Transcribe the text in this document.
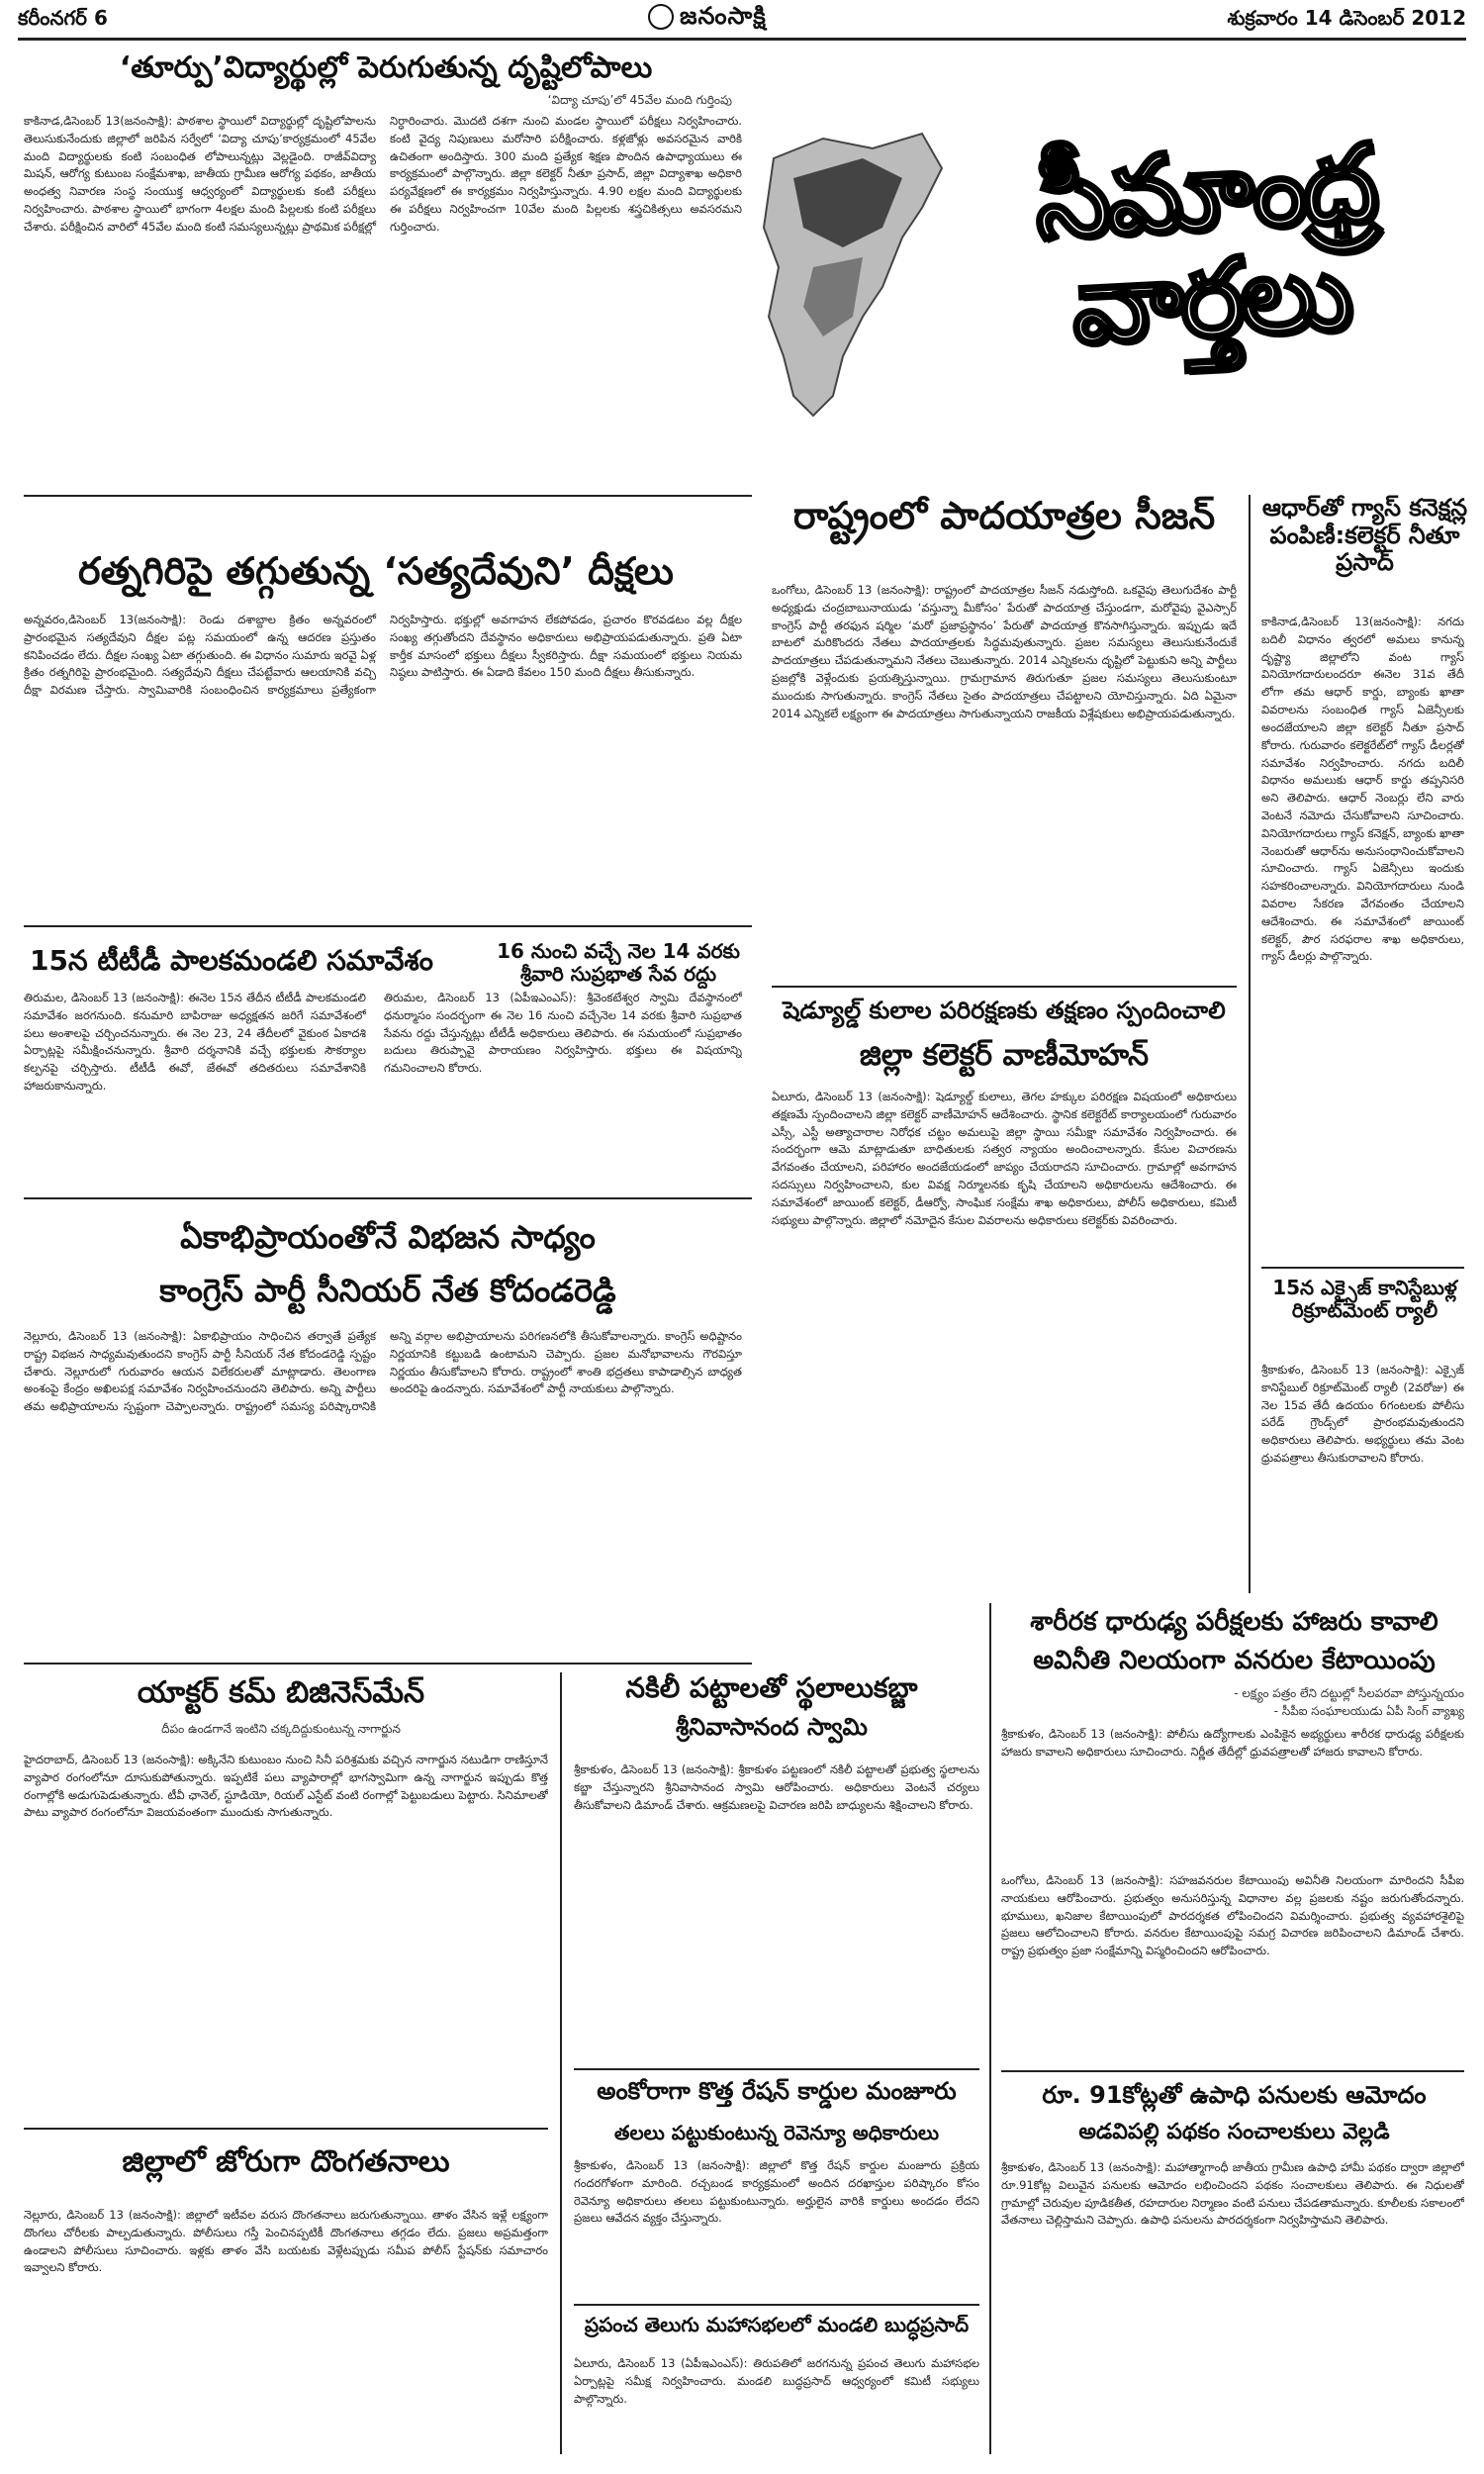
కరీంనగర్ 6	జనంసాక్షి	శుక్రవారం 14 డిసెంబర్ 2012
‘తూర్పు’విద్యార్థుల్లో పెరుగుతున్న దృష్టిలోపాలు
‘విద్యా చూపు’లో 45వేల మంది గుర్తింపు
కాకినాడ,డిసెంబర్ 13(జనంసాక్షి): పాఠశాల స్థాయిలో విద్యార్థుల్లో దృష్టిలోపాలను తెలుసుకునేందుకు జిల్లాలో జరిపిన సర్వేలో ‘విద్యా చూపు’కార్యక్రమంలో 45వేల మంది విద్యార్థులకు కంటి సంబంధిత లోపాలున్నట్లు వెల్లడైంది. రాజీవ్‌విద్యా మిషన్‌, ఆరోగ్య కుటుంబ సంక్షేమశాఖ, జాతీయ గ్రామీణ ఆరోగ్య పథకం, జాతీయ అంధత్వ నివారణ సంస్థ సంయుక్త ఆధ్వర్యంలో విద్యార్థులకు కంటి పరీక్షలు నిర్వహించారు. పాఠశాల స్థాయిలో భాగంగా 4లక్షల మంది పిల్లలకు కంటి పరీక్షలు చేశారు. పరీక్షించిన వారిలో 45వేల మంది కంటి సమస్యలున్నట్లు ప్రాథమిక పరీక్షల్లో నిర్ధారించారు. మొదటి దశగా నుంచి మండల స్థాయిలో పరీక్షలు నిర్వహించారు. కంటి వైద్య నిపుణులు మరోసారి పరీక్షించారు. కళ్లజోళ్లు అవసరమైన వారికి ఉచితంగా అందిస్తారు. 300 మంది ప్రత్యేక శిక్షణ పొందిన ఉపాధ్యాయులు ఈ కార్యక్రమంలో పాల్గొన్నారు. జిల్లా కలెక్టర్‌ నీతూ ప్రసాద్‌, జిల్లా విద్యాశాఖ అధికారి పర్యవేక్షణలో ఈ కార్యక్రమం నిర్వహిస్తున్నారు. 4.90 లక్షల మంది విద్యార్థులకు ఈ పరీక్షలు నిర్వహించగా 10వేల మంది పిల్లలకు శస్త్రచికిత్సలు అవసరమని గుర్తించారు.	సీమాంధ్ర వార్తలు
రత్నగిరిపై తగ్గుతున్న ‘సత్యదేవుని’ దీక్షలు
అన్నవరం,డిసెంబర్ 13(జనంసాక్షి): రెండు దశాబ్దాల క్రితం అన్నవరంలో ప్రారంభమైన సత్యదేవుని దీక్షల పట్ల సమయంలో ఉన్న ఆదరణ ప్రస్తుతం కనిపించడం లేదు. దీక్షల సంఖ్య ఏటా తగ్గుతుంది. ఈ విధానం సుమారు ఇరవై ఏళ్ల క్రితం రత్నగిరిపై ప్రారంభమైంది. సత్యదేవుని దీక్షలు చేపట్టేవారు ఆలయానికి వచ్చి దీక్షా విరమణ చేస్తారు. స్వామివారికి సంబంధించిన కార్యక్రమాలు ప్రత్యేకంగా నిర్వహిస్తారు. భక్తుల్లో అవగాహన లేకపోవడం, ప్రచారం కొరవడటం వల్ల దీక్షల సంఖ్య తగ్గుతోందని దేవస్థానం అధికారులు అభిప్రాయపడుతున్నారు. ప్రతి ఏటా కార్తీక మాసంలో భక్తులు దీక్షలు స్వీకరిస్తారు. దీక్షా సమయంలో భక్తులు నియమ నిష్ఠలు పాటిస్తారు. ఈ ఏడాది కేవలం 150 మంది దీక్షలు తీసుకున్నారు.
15న టీటీడీ పాలకమండలి సమావేశం
తిరుమల, డిసెంబర్ 13 (జనంసాక్షి): ఈనెల 15న తేదీన టీటీడీ పాలకమండలి సమావేశం జరగనుంది. కనుమారి బాపిరాజు అధ్యక్షతన జరిగే సమావేశంలో పలు అంశాలపై చర్చించనున్నారు. ఈ నెల 23, 24 తేదీలలో వైకుంఠ ఏకాదశి ఏర్పాట్లపై సమీక్షించనున్నారు. శ్రీవారి దర్శనానికి వచ్చే భక్తులకు సౌకర్యాల కల్పనపై చర్చిస్తారు. టీటీడీ ఈవో, జేఈవో తదితరులు సమావేశానికి హాజరుకానున్నారు.
16 నుంచి వచ్చే నెల 14 వరకు శ్రీవారి సుప్రభాత సేవ రద్దు
తిరుమల, డిసెంబర్ 13 (ఏపీఇఎంఎస్‌): శ్రీవెంకటేశ్వర స్వామి దేవస్థానంలో ధనుర్మాసం సందర్భంగా ఈ నెల 16 నుంచి వచ్చేనెల 14 వరకు శ్రీవారి సుప్రభాత సేవను రద్దు చేస్తున్నట్లు టీటీడీ అధికారులు తెలిపారు. ఈ సమయంలో సుప్రభాతం బదులు తిరుప్పావై పారాయణం నిర్వహిస్తారు. భక్తులు ఈ విషయాన్ని గమనించాలని కోరారు.
రాష్ట్రంలో పాదయాత్రల సీజన్‌
ఒంగోలు, డిసెంబర్‌ 13 (జనంసాక్షి): రాష్ట్రంలో పాదయాత్రల సీజన్‌ నడుస్తోంది. ఒకవైపు తెలుగుదేశం పార్టీ అధ్యక్షుడు చంద్రబాబునాయుడు ‘వస్తున్నా మీకోసం’ పేరుతో పాదయాత్ర చేస్తుండగా, మరోవైపు వైఎస్సార్‌ కాంగ్రెస్‌ పార్టీ తరఫున షర్మిల ‘మరో ప్రజాప్రస్థానం’ పేరుతో పాదయాత్ర కొనసాగిస్తున్నారు. ఇప్పుడు ఇదే బాటలో మరికొందరు నేతలు పాదయాత్రలకు సిద్ధమవుతున్నారు. ప్రజల సమస్యలు తెలుసుకునేందుకే పాదయాత్రలు చేపడుతున్నామని నేతలు చెబుతున్నారు. 2014 ఎన్నికలను దృష్టిలో పెట్టుకుని అన్ని పార్టీలు ప్రజల్లోకి వెళ్లేందుకు ప్రయత్నిస్తున్నాయి. గ్రామగ్రామాన తిరుగుతూ ప్రజల సమస్యలు తెలుసుకుంటూ ముందుకు సాగుతున్నారు. కాంగ్రెస్‌ నేతలు సైతం పాదయాత్రలు చేపట్టాలని యోచిస్తున్నారు. ఏది ఏమైనా 2014 ఎన్నికలే లక్ష్యంగా ఈ పాదయాత్రలు సాగుతున్నాయని రాజకీయ విశ్లేషకులు అభిప్రాయపడుతున్నారు.
షెడ్యూల్డ్‌ కులాల పరిరక్షణకు తక్షణం స్పందించాలి
జిల్లా కలెక్టర్‌ వాణీమోహన్‌
ఏలూరు, డిసెంబర్‌ 13 (జనంసాక్షి): షెడ్యూల్డ్‌ కులాలు, తెగల హక్కుల పరిరక్షణ విషయంలో అధికారులు తక్షణమే స్పందించాలని జిల్లా కలెక్టర్‌ వాణీమోహన్‌ ఆదేశించారు. స్థానిక కలెక్టరేట్‌ కార్యాలయంలో గురువారం ఎస్సీ, ఎస్టీ అత్యాచారాల నిరోధక చట్టం అమలుపై జిల్లా స్థాయి సమీక్షా సమావేశం నిర్వహించారు. ఈ సందర్భంగా ఆమె మాట్లాడుతూ బాధితులకు సత్వర న్యాయం అందించాలన్నారు. కేసుల విచారణను వేగవంతం చేయాలని, పరిహారం అందజేయడంలో జాప్యం చేయరాదని సూచించారు. గ్రామాల్లో అవగాహన సదస్సులు నిర్వహించాలని, కుల వివక్ష నిర్మూలనకు కృషి చేయాలని అధికారులను ఆదేశించారు. ఈ సమావేశంలో జాయింట్‌ కలెక్టర్‌, డీఆర్వో, సాంఘిక సంక్షేమ శాఖ అధికారులు, పోలీస్‌ అధికారులు, కమిటీ సభ్యులు పాల్గొన్నారు. జిల్లాలో నమోదైన కేసుల వివరాలను అధికారులు కలెక్టర్‌కు వివరించారు.
ఆధార్‌తో గ్యాస్‌ కనెక్షన్ల పంపిణీ:కలెక్టర్‌ నీతూ ప్రసాద్‌
కాకినాడ,డిసెంబర్‌ 13(జనంసాక్షి): నగదు బదిలీ విధానం త్వరలో అమలు కానున్న దృష్ట్యా జిల్లాలోని వంట గ్యాస్‌ వినియోగదారులందరూ ఈనెల 31వ తేదీ లోగా తమ ఆధార్‌ కార్డు, బ్యాంకు ఖాతా వివరాలను సంబంధిత గ్యాస్‌ ఏజెన్సీలకు అందజేయాలని జిల్లా కలెక్టర్‌ నీతూ ప్రసాద్‌ కోరారు. గురువారం కలెక్టరేట్‌లో గ్యాస్‌ డీలర్లతో సమావేశం నిర్వహించారు. నగదు బదిలీ విధానం అమలుకు ఆధార్‌ కార్డు తప్పనిసరి అని తెలిపారు. ఆధార్‌ నెంబర్లు లేని వారు వెంటనే నమోదు చేసుకోవాలని సూచించారు. వినియోగదారులు గ్యాస్‌ కనెక్షన్‌, బ్యాంకు ఖాతా నెంబరుతో ఆధార్‌ను అనుసంధానించుకోవాలని సూచించారు. గ్యాస్‌ ఏజెన్సీలు ఇందుకు సహకరించాలన్నారు. వినియోగదారులు నుండి వివరాల సేకరణ వేగవంతం చేయాలని ఆదేశించారు. ఈ సమావేశంలో జాయింట్‌ కలెక్టర్‌, పౌర సరఫరాల శాఖ అధికారులు, గ్యాస్‌ డీలర్లు పాల్గొన్నారు.
15న ఎక్సైజ్‌ కానిస్టేబుళ్ల రిక్రూట్‌మెంట్‌ ర్యాలీ
శ్రీకాకుళం, డిసెంబర్‌ 13 (జనంసాక్షి): ఎక్సైజ్‌ కానిస్టేబుల్‌ రిక్రూట్‌మెంట్‌ ర్యాలీ (2వరోజు) ఈ నెల 15వ తేదీ ఉదయం 6గంటలకు పోలీసు పరేడ్‌ గ్రౌండ్స్‌లో ప్రారంభమవుతుందని అధికారులు తెలిపారు. అభ్యర్థులు తమ వెంట ధ్రువపత్రాలు తీసుకురావాలని కోరారు.
ఏకాభిప్రాయంతోనే విభజన సాధ్యం
కాంగ్రెస్‌ పార్టీ సీనియర్‌ నేత కోదండరెడ్డి
నెల్లూరు, డిసెంబర్‌ 13 (జనంసాక్షి): ఏకాభిప్రాయం సాధించిన తర్వాతే ప్రత్యేక రాష్ట్ర విభజన సాధ్యమవుతుందని కాంగ్రెస్‌ పార్టీ సీనియర్‌ నేత కోదండరెడ్డి స్పష్టం చేశారు. నెల్లూరులో గురువారం ఆయన విలేకరులతో మాట్లాడారు. తెలంగాణ అంశంపై కేంద్రం అఖిలపక్ష సమావేశం నిర్వహించనుందని తెలిపారు. అన్ని పార్టీలు తమ అభిప్రాయాలను స్పష్టంగా చెప్పాలన్నారు. రాష్ట్రంలో సమస్య పరిష్కారానికి అన్ని వర్గాల అభిప్రాయాలను పరిగణనలోకి తీసుకోవాలన్నారు. కాంగ్రెస్‌ అధిష్టానం నిర్ణయానికి కట్టుబడి ఉంటామని చెప్పారు. ప్రజల మనోభావాలను గౌరవిస్తూ నిర్ణయం తీసుకోవాలని కోరారు. రాష్ట్రంలో శాంతి భద్రతలు కాపాడాల్సిన బాధ్యత అందరిపై ఉందన్నారు. సమావేశంలో పార్టీ నాయకులు పాల్గొన్నారు.
యాక్టర్‌ కమ్‌ బిజినెస్‌మేన్‌
దీపం ఉండగానే ఇంటిని చక్కదిద్దుకుంటున్న నాగార్జున
హైదరాబాద్‌, డిసెంబర్‌ 13 (జనంసాక్షి): అక్కినేని కుటుంబం నుంచి సినీ పరిశ్రమకు వచ్చిన నాగార్జున నటుడిగా రాణిస్తూనే వ్యాపార రంగంలోనూ దూసుకుపోతున్నారు. ఇప్పటికే పలు వ్యాపారాల్లో భాగస్వామిగా ఉన్న నాగార్జున ఇప్పుడు కొత్త రంగాల్లోకి అడుగుపెడుతున్నారు. టీవీ ఛానెల్‌, స్టూడియో, రియల్‌ ఎస్టేట్‌ వంటి రంగాల్లో పెట్టుబడులు పెట్టారు. సినిమాలతో పాటు వ్యాపార రంగంలోనూ విజయవంతంగా ముందుకు సాగుతున్నారు.
జిల్లాలో జోరుగా దొంగతనాలు
నెల్లూరు, డిసెంబర్‌ 13 (జనంసాక్షి): జిల్లాలో ఇటీవల వరుస దొంగతనాలు జరుగుతున్నాయి. తాళం వేసిన ఇళ్లే లక్ష్యంగా దొంగలు చోరీలకు పాల్పడుతున్నారు. పోలీసులు గస్తీ పెంచినప్పటికీ దొంగతనాలు తగ్గడం లేదు. ప్రజలు అప్రమత్తంగా ఉండాలని పోలీసులు సూచించారు. ఇళ్లకు తాళం వేసి బయటకు వెళ్లేటప్పుడు సమీప పోలీస్‌ స్టేషన్‌కు సమాచారం ఇవ్వాలని కోరారు.
నకిలీ పట్టాలతో స్థలాలుకబ్జా
శ్రీనివాసానంద స్వామి
శ్రీకాకుళం, డిసెంబర్‌ 13 (జనంసాక్షి): శ్రీకాకుళం పట్టణంలో నకిలీ పట్టాలతో ప్రభుత్వ స్థలాలను కబ్జా చేస్తున్నారని శ్రీనివాసానంద స్వామి ఆరోపించారు. అధికారులు వెంటనే చర్యలు తీసుకోవాలని డిమాండ్‌ చేశారు. ఆక్రమణలపై విచారణ జరిపి బాధ్యులను శిక్షించాలని కోరారు.
అంకోరాగా కొత్త రేషన్‌ కార్డుల మంజూరు
తలలు పట్టుకుంటున్న రెవెన్యూ అధికారులు
శ్రీకాకుళం, డిసెంబర్‌ 13 (జనంసాక్షి): జిల్లాలో కొత్త రేషన్‌ కార్డుల మంజూరు ప్రక్రియ గందరగోళంగా మారింది. రచ్చబండ కార్యక్రమంలో అందిన దరఖాస్తుల పరిష్కారం కోసం రెవెన్యూ అధికారులు తలలు పట్టుకుంటున్నారు. అర్హులైన వారికి కార్డులు అందడం లేదని ప్రజలు ఆవేదన వ్యక్తం చేస్తున్నారు.
ప్రపంచ తెలుగు మహాసభలలో మండలి బుద్ధప్రసాద్‌
ఏలూరు, డిసెంబర్‌ 13 (ఏపీఇఎంఎస్‌): తిరుపతిలో జరగనున్న ప్రపంచ తెలుగు మహాసభల ఏర్పాట్లపై సమీక్ష నిర్వహించారు. మండలి బుద్ధప్రసాద్‌ ఆధ్వర్యంలో కమిటీ సభ్యులు పాల్గొన్నారు.
శారీరక ధారుఢ్య పరీక్షలకు హాజరు కావాలి
అవినీతి నిలయంగా వనరుల కేటాయింపు
- లక్ష్యం పత్రం లేని దట్టుల్లో సీలపరవా పోస్తున్నయం
- సీపీఐ సంఘాలయుడు ఏపీ సింగ్‌ వ్యాఖ్య
శ్రీకాకుళం, డిసెంబర్‌ 13 (జనంసాక్షి): పోలీసు ఉద్యోగాలకు ఎంపికైన అభ్యర్థులు శారీరక ధారుఢ్య పరీక్షలకు హాజరు కావాలని అధికారులు సూచించారు. నిర్ణీత తేదీల్లో ధ్రువపత్రాలతో హాజరు కావాలని కోరారు.
ఒంగోలు, డిసెంబర్‌ 13 (జనంసాక్షి): సహజవనరుల కేటాయింపు అవినీతి నిలయంగా మారిందని సీపీఐ నాయకులు ఆరోపించారు. ప్రభుత్వం అనుసరిస్తున్న విధానాల వల్ల ప్రజలకు నష్టం జరుగుతోందన్నారు. భూములు, ఖనిజాల కేటాయింపులో పారదర్శకత లోపించిందని విమర్శించారు. ప్రభుత్వ వ్యవహారశైలిపై ప్రజలు ఆలోచించాలని కోరారు. వనరుల కేటాయింపుపై సమగ్ర విచారణ జరిపించాలని డిమాండ్‌ చేశారు. రాష్ట్ర ప్రభుత్వం ప్రజా సంక్షేమాన్ని విస్మరించిందని ఆరోపించారు.
రూ. 91కోట్లతో ఉపాధి పనులకు ఆమోదం
అడవిపల్లి పథకం సంచాలకులు వెల్లడి
శ్రీకాకుళం, డిసెంబర్‌ 13 (జనంసాక్షి): మహాత్మాగాంధీ జాతీయ గ్రామీణ ఉపాధి హామీ పథకం ద్వారా జిల్లాలో రూ.91కోట్ల విలువైన పనులకు ఆమోదం లభించిందని పథకం సంచాలకులు తెలిపారు. ఈ నిధులతో గ్రామాల్లో చెరువుల పూడికతీత, రహదారుల నిర్మాణం వంటి పనులు చేపడతామన్నారు. కూలీలకు సకాలంలో వేతనాలు చెల్లిస్తామని చెప్పారు. ఉపాధి పనులను పారదర్శకంగా నిర్వహిస్తామని తెలిపారు.
